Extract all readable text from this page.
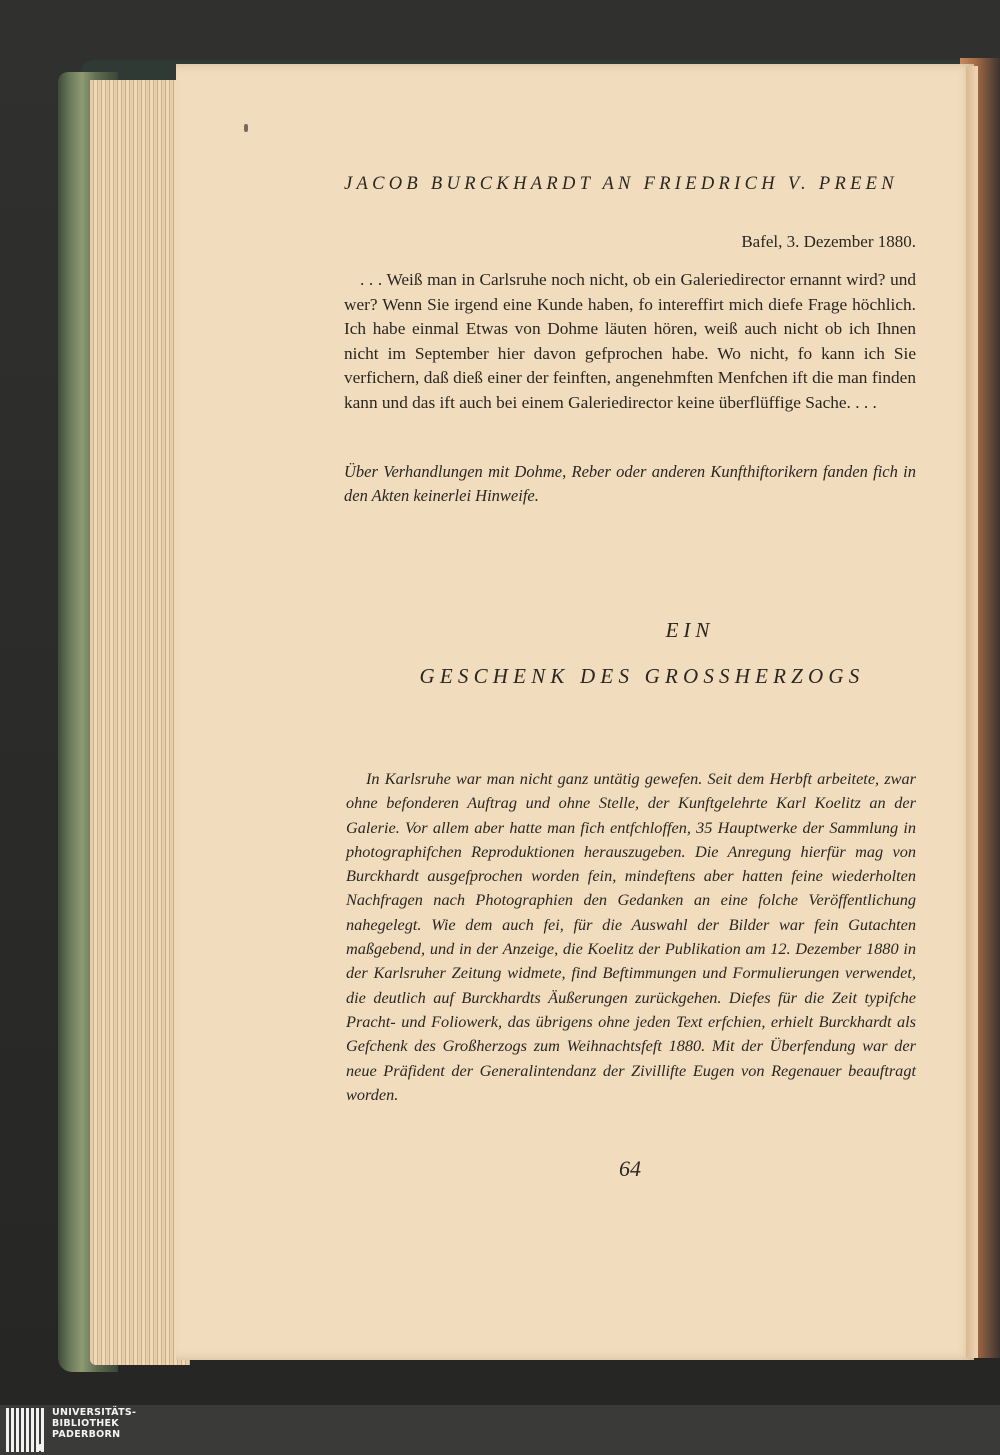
JACOB BURCKHARDT AN FRIEDRICH V. PREEN
Bafel, 3. Dezember 1880.
. . . Weiß man in Carlsruhe noch nicht, ob ein Galeriedirector ernannt wird? und wer? Wenn Sie irgend eine Kunde haben, fo intereffirt mich diefe Frage höchlich. Ich habe einmal Etwas von Dohme läuten hören, weiß auch nicht ob ich Ihnen nicht im September hier davon gefprochen habe. Wo nicht, fo kann ich Sie verfichern, daß dieß einer der feinften, angenehmften Menfchen ift die man finden kann und das ift auch bei einem Galeriedirector keine überflüffige Sache. . . .
Über Verhandlungen mit Dohme, Reber oder anderen Kunfthiftorikern fanden fich in den Akten keinerlei Hinweife.
EIN
GESCHENK DES GROSSHERZOGS
In Karlsruhe war man nicht ganz untätig gewefen. Seit dem Herbft arbeitete, zwar ohne befonderen Auftrag und ohne Stelle, der Kunftgelehrte Karl Koelitz an der Galerie. Vor allem aber hatte man fich entfchloffen, 35 Hauptwerke der Sammlung in photographifchen Reproduktionen herauszugeben. Die Anregung hierfür mag von Burckhardt ausgefprochen worden fein, mindeftens aber hatten feine wiederholten Nachfragen nach Photographien den Gedanken an eine folche Veröffentlichung nahegelegt. Wie dem auch fei, für die Auswahl der Bilder war fein Gutachten maßgebend, und in der Anzeige, die Koelitz der Publikation am 12. Dezember 1880 in der Karlsruher Zeitung widmete, find Beftimmungen und Formulierungen verwendet, die deutlich auf Burckhardts Äußerungen zurückgehen. Diefes für die Zeit typifche Pracht- und Foliowerk, das übrigens ohne jeden Text erfchien, erhielt Burckhardt als Gefchenk des Großherzogs zum Weihnachtsfeft 1880. Mit der Überfendung war der neue Präfident der Generalintendanz der Zivillifte Eugen von Regenauer beauftragt worden.
64
UNIVERSITÄTS-
BIBLIOTHEK
PADERBORN
